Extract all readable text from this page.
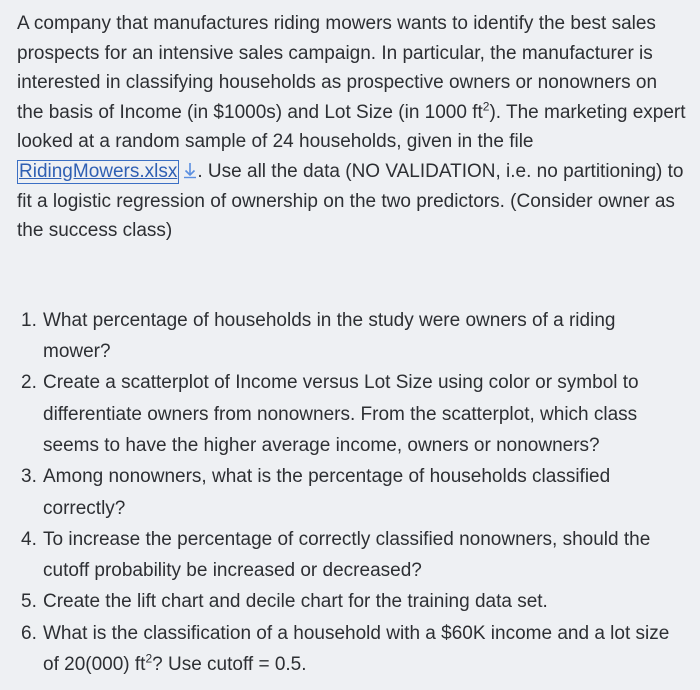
A company that manufactures riding mowers wants to identify the best sales prospects for an intensive sales campaign. In particular, the manufacturer is interested in classifying households as prospective owners or nonowners on the basis of Income (in $1000s) and Lot Size (in 1000 $ft^2$). The marketing expert looked at a random sample of 24 households, given in the file RidingMowers.xlsx . Use all the data (NO VALIDATION, i.e. no partitioning) to fit a logistic regression of ownership on the two predictors. (Consider owner as the success class)

1. What percentage of households in the study were owners of a riding mower?
2. Create a scatterplot of Income versus Lot Size using color or symbol to differentiate owners from nonowners. From the scatterplot, which class seems to have the higher average income, owners or nonowners?
3. Among nonowners, what is the percentage of households classified correctly?
4. To increase the percentage of correctly classified nonowners, should the cutoff probability be increased or decreased?
5. Create the lift chart and decile chart for the training data set.
6. What is the classification of a household with a $60K income and a lot size of 20(000) $ft^2$? Use cutoff = 0.5.
